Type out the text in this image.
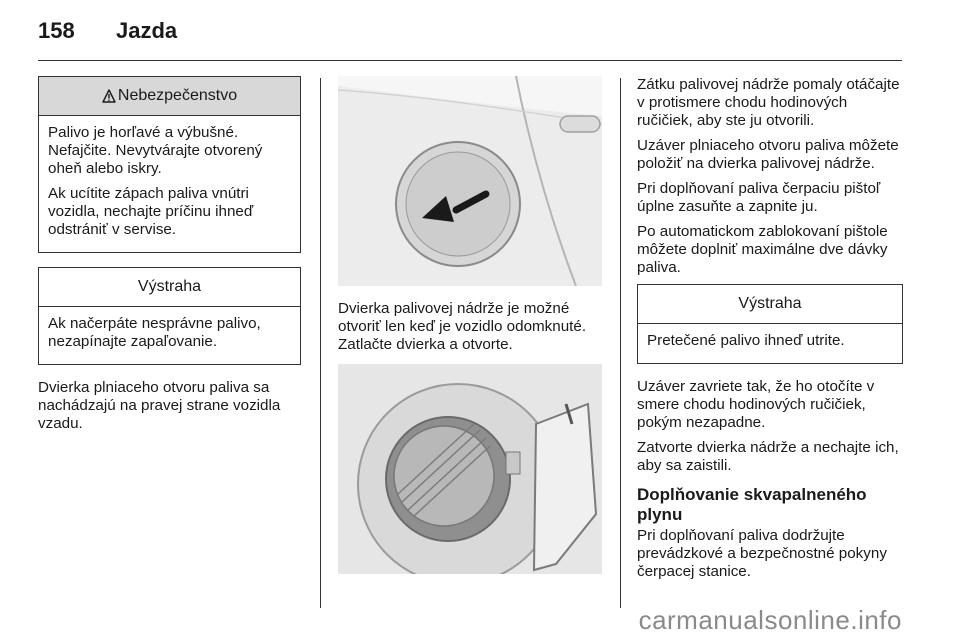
158 Jazda
Nebezpečenstvo

Palivo je horľavé a výbušné. Nefajčite. Nevytvárajte otvorený oheň alebo iskry.

Ak ucítite zápach paliva vnútri vozidla, nechajte príčinu ihneď odstrániť v servise.

Výstraha

Ak načerpáte nesprávne palivo, nezapínajte zapaľovanie.

Dvierka plniaceho otvoru paliva sa nachádzajú na pravej strane vozidla vzadu.

Dvierka palivovej nádrže je možné otvoriť len keď je vozidlo odomknuté. Zatlačte dvierka a otvorte.

Zátku palivovej nádrže pomaly otáčajte v protismere chodu hodinových ručičiek, aby ste ju otvorili.

Uzáver plniaceho otvoru paliva môžete položiť na dvierka palivovej nádrže.

Pri doplňovaní paliva čerpaciu pištoľ úplne zasuňte a zapnite ju.

Po automatickom zablokovaní pištole môžete doplniť maximálne dve dávky paliva.

Výstraha

Pretečené palivo ihneď utrite.

Uzáver zavriete tak, že ho otočíte v smere chodu hodinových ručičiek, pokým nezapadne.

Zatvorte dvierka nádrže a nechajte ich, aby sa zaistili.

Doplňovanie skvapalneného plynu

Pri doplňovaní paliva dodržujte prevádzkové a bezpečnostné pokyny čerpacej stanice.

carmanualsonline.info
